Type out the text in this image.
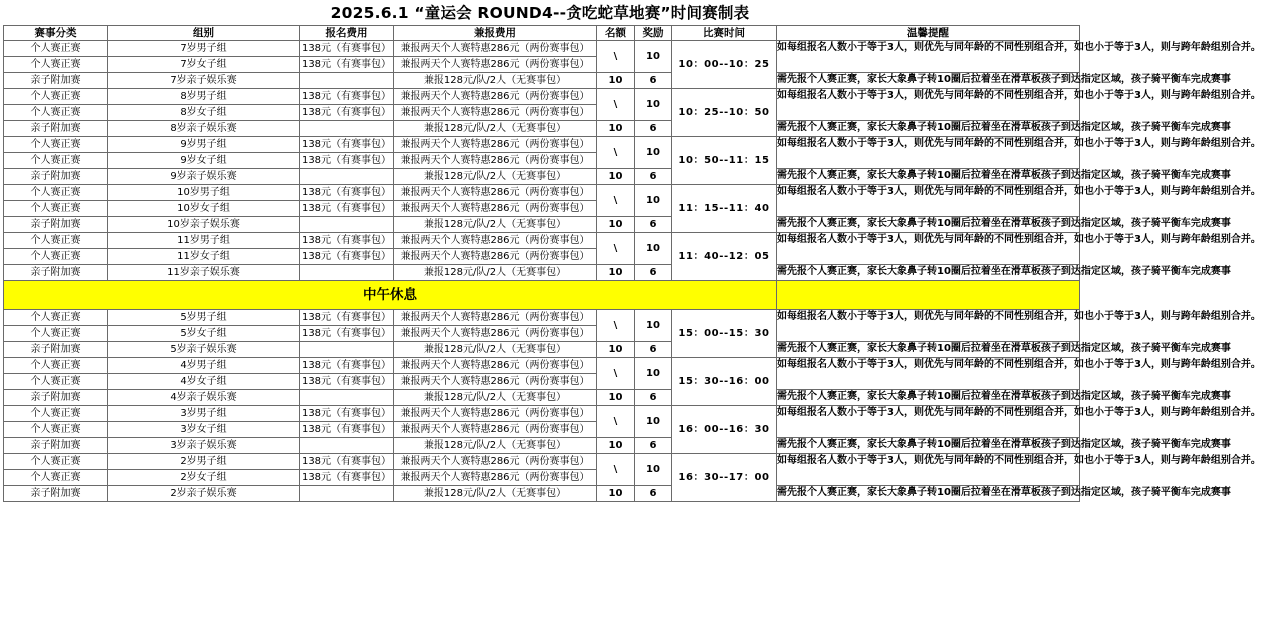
2025.6.1 “童运会 ROUND4--贪吃蛇草地赛”时间赛制表
赛事分类	组别	报名费用	兼报费用	名额	奖励	比赛时间	温馨提醒
个人赛正赛	7岁男子组	138元（有赛事包）	兼报两天个人赛特惠286元（两份赛事包）	\	10	10：00--10：25	如每组报名人数小于等于3人，则优先与同年龄的不同性别组合并，如也小于等于3人，则与跨年龄组别合并。
个人赛正赛	7岁女子组	138元（有赛事包）	兼报两天个人赛特惠286元（两份赛事包）				
亲子附加赛	7岁亲子娱乐赛		兼报128元/队/2人（无赛事包）	10	6		需先报个人赛正赛，家长大象鼻子转10圈后拉着坐在滑草板孩子到达指定区域，孩子骑平衡车完成赛事

个人赛正赛	8岁男子组	138元（有赛事包）	兼报两天个人赛特惠286元（两份赛事包）	\	10	10：25--10：50	如每组报名人数小于等于3人，则优先与同年龄的不同性别组合并，如也小于等于3人，则与跨年龄组别合并。
个人赛正赛	8岁女子组	138元（有赛事包）	兼报两天个人赛特惠286元（两份赛事包）				
亲子附加赛	8岁亲子娱乐赛		兼报128元/队/2人（无赛事包）	10	6		需先报个人赛正赛，家长大象鼻子转10圈后拉着坐在滑草板孩子到达指定区域，孩子骑平衡车完成赛事

个人赛正赛	9岁男子组	138元（有赛事包）	兼报两天个人赛特惠286元（两份赛事包）	\	10	10：50--11：15	如每组报名人数小于等于3人，则优先与同年龄的不同性别组合并，如也小于等于3人，则与跨年龄组别合并。
个人赛正赛	9岁女子组	138元（有赛事包）	兼报两天个人赛特惠286元（两份赛事包）				
亲子附加赛	9岁亲子娱乐赛		兼报128元/队/2人（无赛事包）	10	6		需先报个人赛正赛，家长大象鼻子转10圈后拉着坐在滑草板孩子到达指定区域，孩子骑平衡车完成赛事

个人赛正赛	10岁男子组	138元（有赛事包）	兼报两天个人赛特惠286元（两份赛事包）	\	10	11：15--11：40	如每组报名人数小于等于3人，则优先与同年龄的不同性别组合并，如也小于等于3人，则与跨年龄组别合并。
个人赛正赛	10岁女子组	138元（有赛事包）	兼报两天个人赛特惠286元（两份赛事包）				
亲子附加赛	10岁亲子娱乐赛		兼报128元/队/2人（无赛事包）	10	6		需先报个人赛正赛，家长大象鼻子转10圈后拉着坐在滑草板孩子到达指定区域，孩子骑平衡车完成赛事

个人赛正赛	11岁男子组	138元（有赛事包）	兼报两天个人赛特惠286元（两份赛事包）	\	10	11：40--12：05	如每组报名人数小于等于3人，则优先与同年龄的不同性别组合并，如也小于等于3人，则与跨年龄组别合并。
个人赛正赛	11岁女子组	138元（有赛事包）	兼报两天个人赛特惠286元（两份赛事包）				
亲子附加赛	11岁亲子娱乐赛		兼报128元/队/2人（无赛事包）	10	6		需先报个人赛正赛，家长大象鼻子转10圈后拉着坐在滑草板孩子到达指定区域，孩子骑平衡车完成赛事

中午休息							
个人赛正赛	5岁男子组	138元（有赛事包）	兼报两天个人赛特惠286元（两份赛事包）	\	10	15：00--15：30	如每组报名人数小于等于3人，则优先与同年龄的不同性别组合并，如也小于等于3人，则与跨年龄组别合并。
个人赛正赛	5岁女子组	138元（有赛事包）	兼报两天个人赛特惠286元（两份赛事包）				
亲子附加赛	5岁亲子娱乐赛		兼报128元/队/2人（无赛事包）	10	6		需先报个人赛正赛，家长大象鼻子转10圈后拉着坐在滑草板孩子到达指定区域，孩子骑平衡车完成赛事

个人赛正赛	4岁男子组	138元（有赛事包）	兼报两天个人赛特惠286元（两份赛事包）	\	10	15：30--16：00	如每组报名人数小于等于3人，则优先与同年龄的不同性别组合并，如也小于等于3人，则与跨年龄组别合并。
个人赛正赛	4岁女子组	138元（有赛事包）	兼报两天个人赛特惠286元（两份赛事包）				
亲子附加赛	4岁亲子娱乐赛		兼报128元/队/2人（无赛事包）	10	6		需先报个人赛正赛，家长大象鼻子转10圈后拉着坐在滑草板孩子到达指定区域，孩子骑平衡车完成赛事

个人赛正赛	3岁男子组	138元（有赛事包）	兼报两天个人赛特惠286元（两份赛事包）	\	10	16：00--16：30	如每组报名人数小于等于3人，则优先与同年龄的不同性别组合并，如也小于等于3人，则与跨年龄组别合并。
个人赛正赛	3岁女子组	138元（有赛事包）	兼报两天个人赛特惠286元（两份赛事包）				
亲子附加赛	3岁亲子娱乐赛		兼报128元/队/2人（无赛事包）	10	6		需先报个人赛正赛，家长大象鼻子转10圈后拉着坐在滑草板孩子到达指定区域，孩子骑平衡车完成赛事

个人赛正赛	2岁男子组	138元（有赛事包）	兼报两天个人赛特惠286元（两份赛事包）	\	10	16：30--17：00	如每组报名人数小于等于3人，则优先与同年龄的不同性别组合并，如也小于等于3人，则与跨年龄组别合并。
个人赛正赛	2岁女子组	138元（有赛事包）	兼报两天个人赛特惠286元（两份赛事包）				
亲子附加赛	2岁亲子娱乐赛		兼报128元/队/2人（无赛事包）	10	6		需先报个人赛正赛，家长大象鼻子转10圈后拉着坐在滑草板孩子到达指定区域，孩子骑平衡车完成赛事
